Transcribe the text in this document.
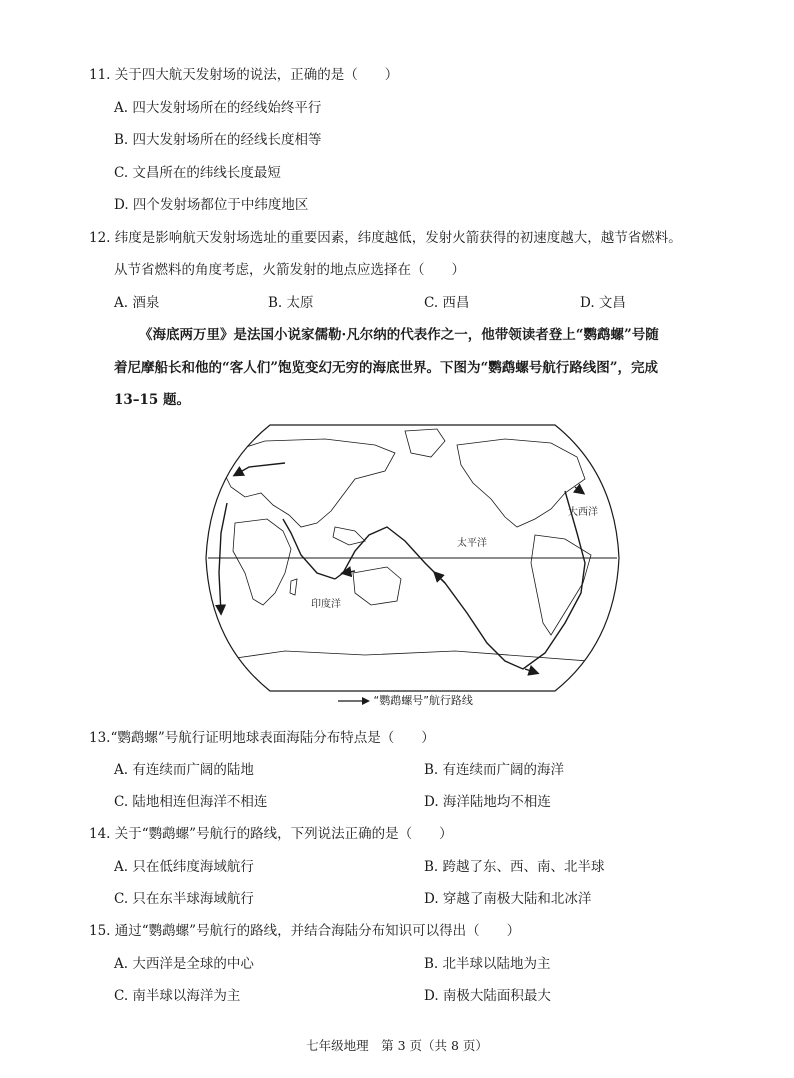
11. 关于四大航天发射场的说法，正确的是（　　）
A. 四大发射场所在的经线始终平行
B. 四大发射场所在的经线长度相等
C. 文昌所在的纬线长度最短
D. 四个发射场都位于中纬度地区
12. 纬度是影响航天发射场选址的重要因素，纬度越低，发射火箭获得的初速度越大，越节省燃料。
从节省燃料的角度考虑，火箭发射的地点应选择在（　　）
A. 酒泉	B. 太原	C. 西昌	D. 文昌
《海底两万里》是法国小说家儒勒·凡尔纳的代表作之一，他带领读者登上“鹦鹉螺”号随
着尼摩船长和他的“客人们”饱览变幻无穷的海底世界。下图为“鹦鹉螺号航行路线图”，完成
13–15 题。
大西洋
太平洋
印度洋
“鹦鹉螺号”航行路线
13.“鹦鹉螺”号航行证明地球表面海陆分布特点是（　　）
A. 有连续而广阔的陆地	B. 有连续而广阔的海洋
C. 陆地相连但海洋不相连	D. 海洋陆地均不相连
14. 关于“鹦鹉螺”号航行的路线，下列说法正确的是（　　）
A. 只在低纬度海域航行	B. 跨越了东、西、南、北半球
C. 只在东半球海域航行	D. 穿越了南极大陆和北冰洋
15. 通过“鹦鹉螺”号航行的路线，并结合海陆分布知识可以得出（　　）
A. 大西洋是全球的中心	B. 北半球以陆地为主
C. 南半球以海洋为主	D. 南极大陆面积最大
七年级地理　第 3 页（共 8 页）
